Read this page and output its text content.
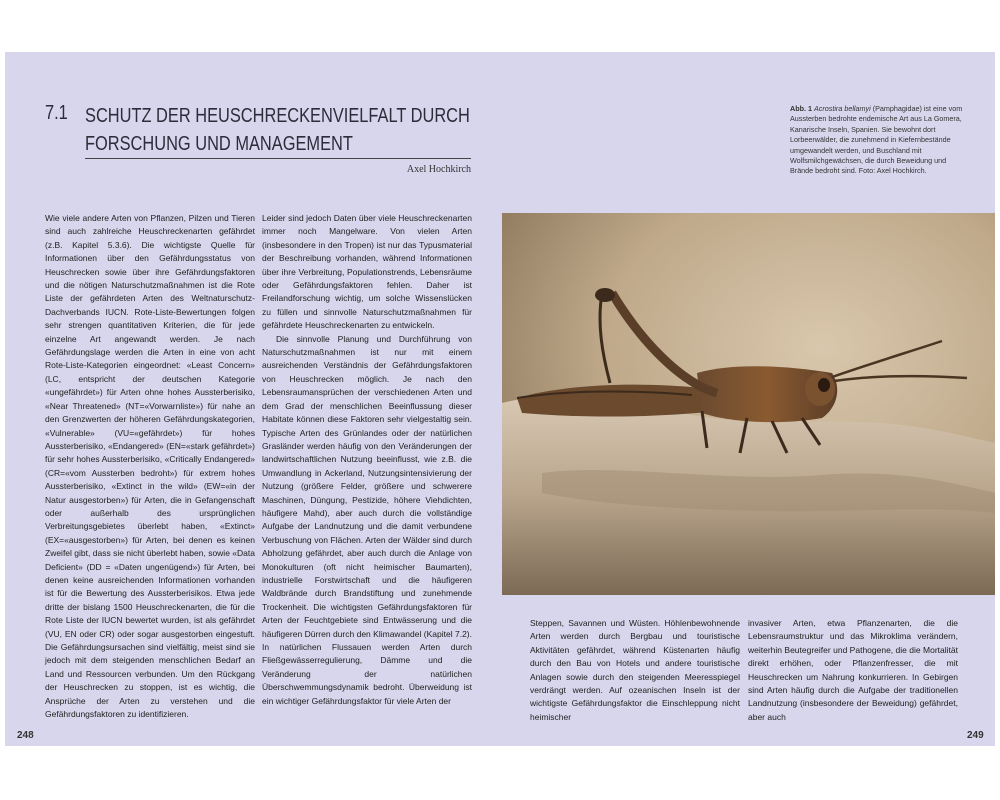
7.1 SCHUTZ DER HEUSCHRECKENVIELFALT DURCH
FORSCHUNG UND MANAGEMENT
Axel Hochkirch
Abb. 1 Acrostira bellamyi (Pamphagidae) ist eine vom Aussterben bedrohte endemische Art aus La Gomera, Kanarische Inseln, Spanien. Sie bewohnt dort Lorbeerwälder, die zunehmend in Kiefernbestände umgewandelt werden, und Buschland mit Wolfsmilchgewächsen, die durch Beweidung und Brände bedroht sind. Foto: Axel Hochkirch.

Wie viele andere Arten von Pflanzen, Pilzen und Tieren sind auch zahlreiche Heuschreckenarten gefährdet (z.B. Kapitel 5.3.6). Die wichtigste Quelle für Informationen über den Gefährdungsstatus von Heuschrecken sowie über ihre Gefährdungsfaktoren und die nötigen Naturschutzmaßnahmen ist die Rote Liste der gefährdeten Arten des Weltnaturschutz-Dachverbands IUCN. Rote-Liste-Bewertungen folgen sehr strengen quantitativen Kriterien, die für jede einzelne Art angewandt werden. Je nach Gefährdungslage werden die Arten in eine von acht Rote-Liste-Kategorien eingeordnet: «Least Concern» (LC, entspricht der deutschen Kategorie «ungefährdet») für Arten ohne hohes Aussterberisiko, «Near Threatened» (NT=«Vorwarnliste») für nahe an den Grenzwerten der höheren Gefährdungskategorien, «Vulnerable» (VU=«gefährdet») für hohes Aussterberisiko, «Endangered» (EN=«stark gefährdet») für sehr hohes Aussterberisiko, «Critically Endangered» (CR=«vom Aussterben bedroht») für extrem hohes Aussterberisiko, «Extinct in the wild» (EW=«in der Natur ausgestorben») für Arten, die in Gefangenschaft oder außerhalb des ursprünglichen Verbreitungsgebietes überlebt haben, «Extinct» (EX=«ausgestorben») für Arten, bei denen es keinen Zweifel gibt, dass sie nicht überlebt haben, sowie «Data Deficient» (DD = «Daten ungenügend») für Arten, bei denen keine ausreichenden Informationen vorhanden ist für die Bewertung des Aussterberisikos. Etwa jede dritte der bislang 1500 Heuschreckenarten, die für die Rote Liste der IUCN bewertet wurden, ist als gefährdet (VU, EN oder CR) oder sogar ausgestorben eingestuft. Die Gefährdungsursachen sind vielfältig, meist sind sie jedoch mit dem steigenden menschlichen Bedarf an Land und Ressourcen verbunden. Um den Rückgang der Heuschrecken zu stoppen, ist es wichtig, die Ansprüche der Arten zu verstehen und die Gefährdungsfaktoren zu identifizieren.

Leider sind jedoch Daten über viele Heuschreckenarten immer noch Mangelware. Von vielen Arten (insbesondere in den Tropen) ist nur das Typusmaterial der Beschreibung vorhanden, während Informationen über ihre Verbreitung, Populationstrends, Lebensräume oder Gefährdungsfaktoren fehlen. Daher ist Freilandforschung wichtig, um solche Wissenslücken zu füllen und sinnvolle Naturschutzmaßnahmen für gefährdete Heuschreckenarten zu entwickeln.

Die sinnvolle Planung und Durchführung von Naturschutzmaßnahmen ist nur mit einem ausreichenden Verständnis der Gefährdungsfaktoren von Heuschrecken möglich. Je nach den Lebensraumansprüchen der verschiedenen Arten und dem Grad der menschlichen Beeinflussung dieser Habitate können diese Faktoren sehr vielgestaltig sein. Typische Arten des Grünlandes oder der natürlichen Grasländer werden häufig von den Veränderungen der landwirtschaftlichen Nutzung beeinflusst, wie z.B. die Umwandlung in Ackerland, Nutzungsintensivierung der Nutzung (größere Felder, größere und schwerere Maschinen, Düngung, Pestizide, höhere Viehdichten, häufigere Mahd), aber auch durch die vollständige Aufgabe der Landnutzung und die damit verbundene Verbuschung von Flächen. Arten der Wälder sind durch Abholzung gefährdet, aber auch durch die Anlage von Monokulturen (oft nicht heimischer Baumarten), industrielle Forstwirtschaft und die häufigeren Waldbrände durch Brandstiftung und zunehmende Trockenheit. Die wichtigsten Gefährdungsfaktoren für Arten der Feuchtgebiete sind Entwässerung und die häufigeren Dürren durch den Klimawandel (Kapitel 7.2). In natürlichen Flussauen werden Arten durch Fließgewässerregulierung, Dämme und die Veränderung der natürlichen Überschwemmungsdynamik bedroht. Überweidung ist ein wichtiger Gefährdungsfaktor für viele Arten der

Steppen, Savannen und Wüsten. Höhlenbewohnende Arten werden durch Bergbau und touristische Aktivitäten gefährdet, während Küstenarten häufig durch den Bau von Hotels und andere touristische Anlagen sowie durch den steigenden Meeresspiegel verdrängt werden. Auf ozeanischen Inseln ist der wichtigste Gefährdungsfaktor die Einschleppung nicht heimischer

invasiver Arten, etwa Pflanzenarten, die die Lebensraumstruktur und das Mikroklima verändern, weiterhin Beutegreifer und Pathogene, die die Mortalität direkt erhöhen, oder Pflanzenfresser, die mit Heuschrecken um Nahrung konkurrieren. In Gebirgen sind Arten häufig durch die Aufgabe der traditionellen Landnutzung (insbesondere der Beweidung) gefährdet, aber auch

248	249
